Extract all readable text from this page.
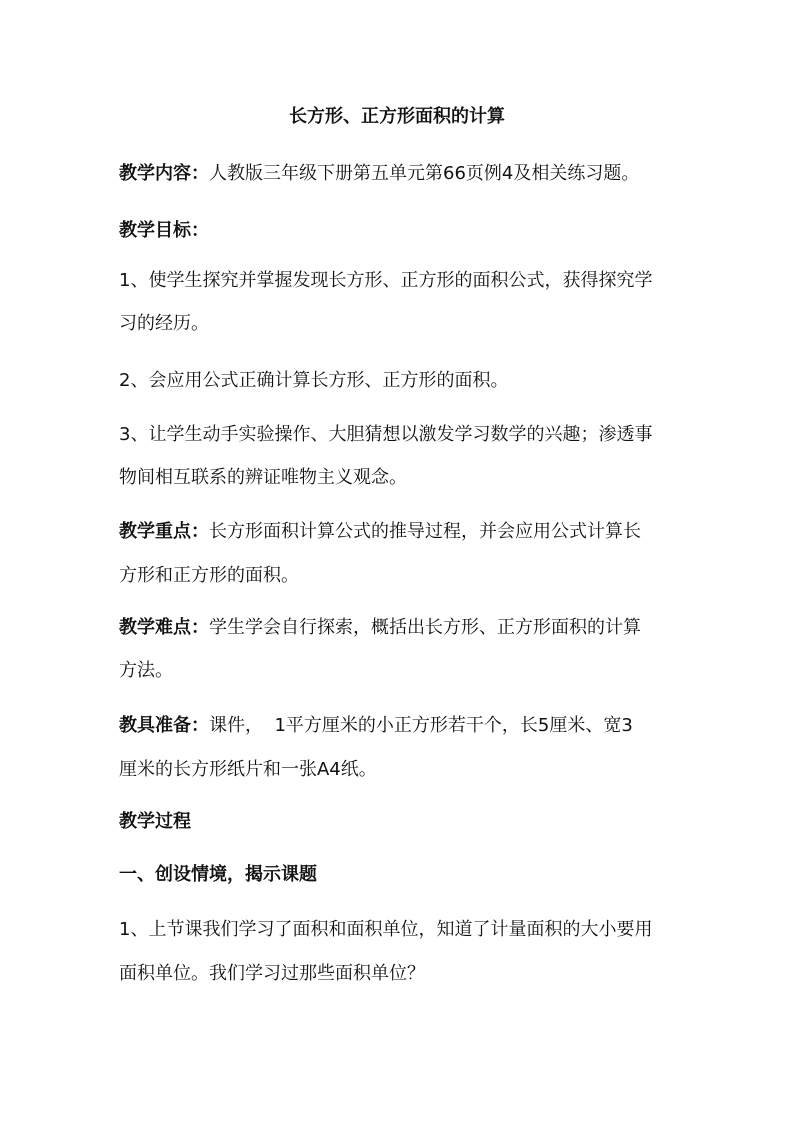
长方形、正方形面积的计算
教学内容：人教版三年级下册第五单元第66页例4及相关练习题。
教学目标：
1、使学生探究并掌握发现长方形、正方形的面积公式，获得探究学
习的经历。
2、会应用公式正确计算长方形、正方形的面积。
3、让学生动手实验操作、大胆猜想以激发学习数学的兴趣；渗透事
物间相互联系的辨证唯物主义观念。
教学重点：长方形面积计算公式的推导过程，并会应用公式计算长
方形和正方形的面积。
教学难点：学生学会自行探索，概括出长方形、正方形面积的计算
方法。
教具准备：课件，  1平方厘米的小正方形若干个，长5厘米、宽3
厘米的长方形纸片和一张A4纸。
教学过程
一、创设情境，揭示课题
1、上节课我们学习了面积和面积单位，知道了计量面积的大小要用
面积单位。我们学习过那些面积单位？
